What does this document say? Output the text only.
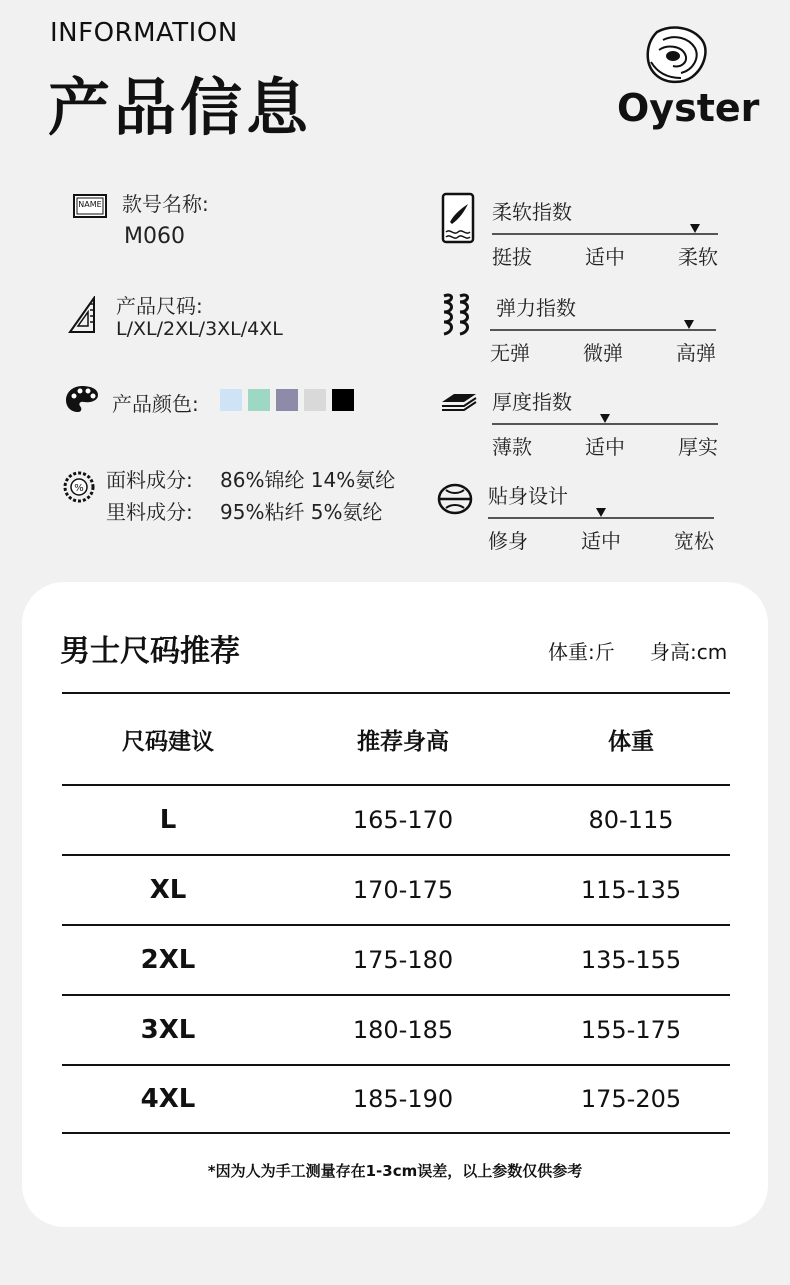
INFORMATION
产品信息	Oyster
NAME 款号名称:
M060
产品尺码:
L/XL/2XL/3XL/4XL
产品颜色:
% 面料成分: 86%锦纶 14%氨纶
里料成分: 95%粘纤 5%氨纶
柔软指数
挺拔	适中	柔软
弹力指数
无弹	微弹	高弹
厚度指数
薄款	适中	厚实
贴身设计
修身	适中	宽松
男士尺码推荐	体重:斤 身高:cm
尺码建议	推荐身高	体重
L	165-170	80-115
XL	170-175	115-135
2XL	175-180	135-155
3XL	180-185	155-175
4XL	185-190	175-205
*因为人为手工测量存在1-3cm误差，以上参数仅供参考
